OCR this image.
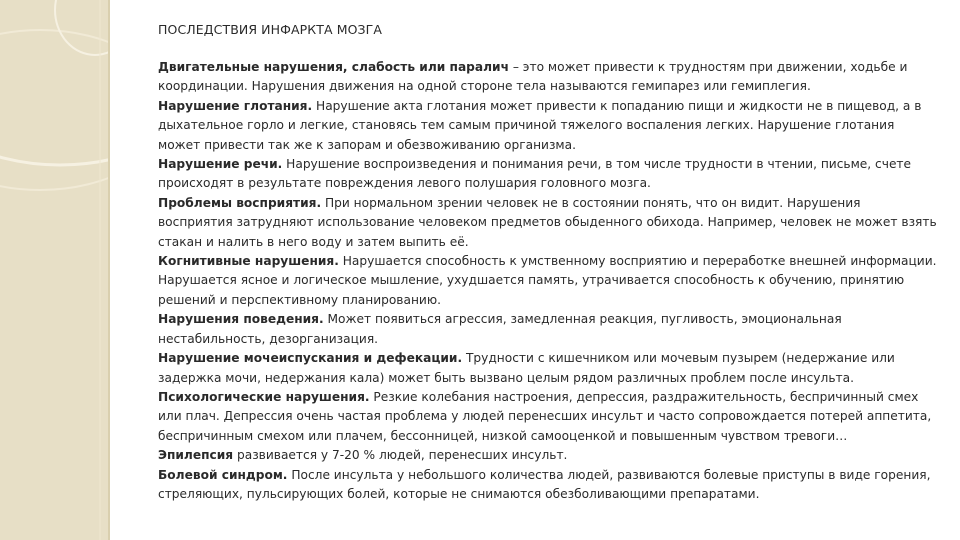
ПОСЛЕДСТВИЯ ИНФАРКТА МОЗГА
Двигательные нарушения, слабость или паралич – это может привести к трудностям при движении, ходьбе и координации. Нарушения движения на одной стороне тела называются гемипарез или гемиплегия.
Нарушение глотания. Нарушение акта глотания может привести к попаданию пищи и жидкости не в пищевод, а в дыхательное горло и легкие, становясь тем самым причиной тяжелого воспаления легких. Нарушение глотания может привести так же к запорам и обезвоживанию организма.
Нарушение речи. Нарушение воспроизведения и понимания речи, в том числе трудности в чтении, письме, счете происходят в результате повреждения левого полушария головного мозга.
Проблемы восприятия. При нормальном зрении человек не в состоянии понять, что он видит. Нарушения восприятия затрудняют использование человеком предметов обыденного обихода. Например, человек не может взять стакан и налить в него воду и затем выпить её.
Когнитивные нарушения. Нарушается способность к умственному восприятию и переработке внешней информации. Нарушается ясное и логическое мышление, ухудшается память, утрачивается способность к обучению, принятию решений и перспективному планированию.
Нарушения поведения. Может появиться агрессия, замедленная реакция, пугливость, эмоциональная нестабильность, дезорганизация.
Нарушение мочеиспускания и дефекации. Трудности с кишечником или мочевым пузырем (недержание или задержка мочи, недержания кала) может быть вызвано целым рядом различных проблем после инсульта.
Психологические нарушения. Резкие колебания настроения, депрессия, раздражительность, беспричинный смех или плач. Депрессия очень частая проблема у людей перенесших инсульт и часто сопровождается потерей аппетита, беспричинным смехом или плачем, бессонницей, низкой самооценкой и повышенным чувством тревоги…
Эпилепсия развивается у 7-20 % людей, перенесших инсульт.
Болевой синдром. После инсульта у небольшого количества людей, развиваются болевые приступы в виде горения, стреляющих, пульсирующих болей, которые не снимаются обезболивающими препаратами.
